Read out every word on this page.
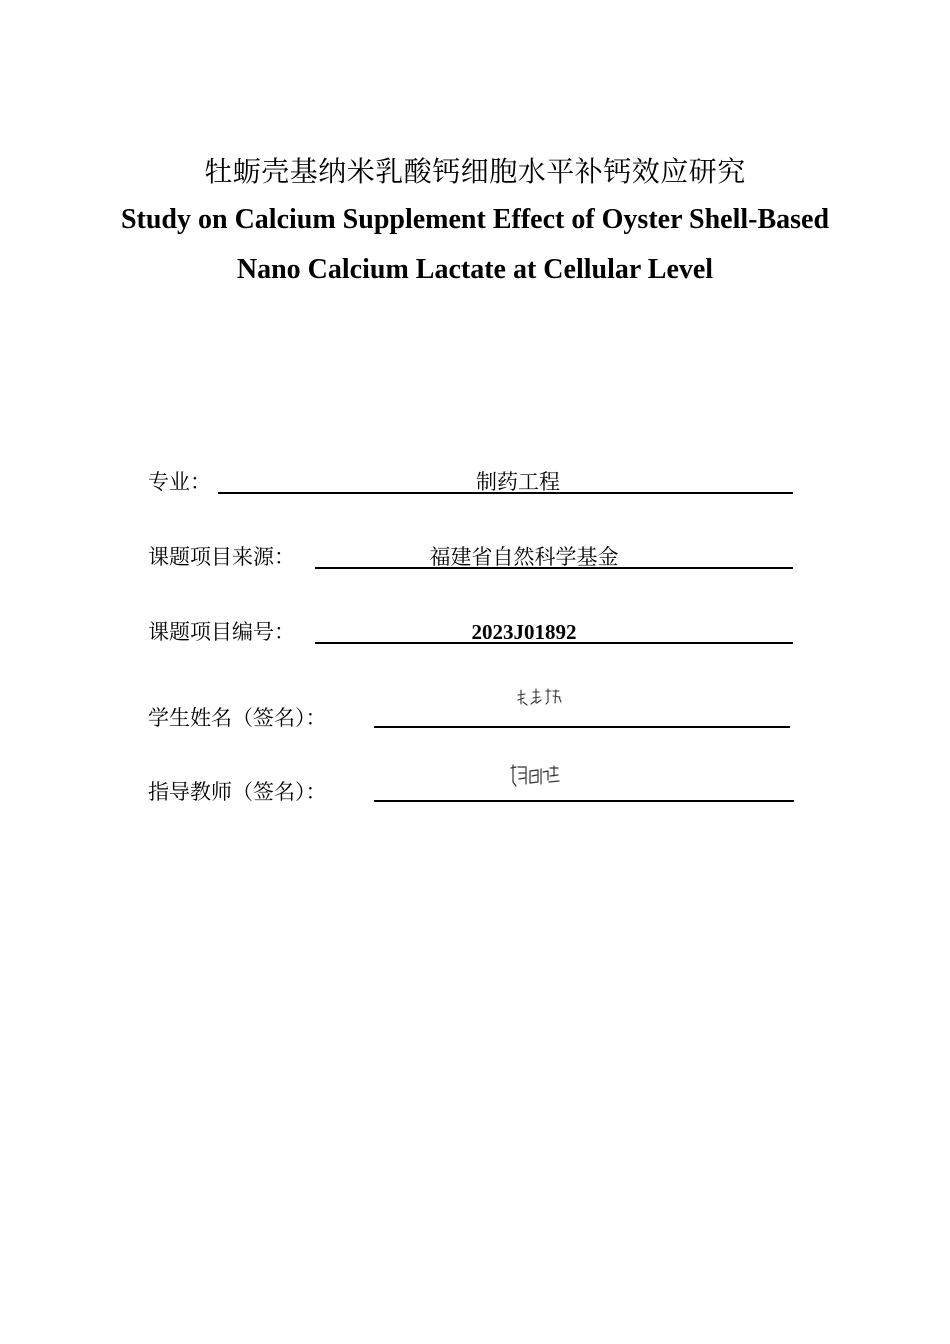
牡蛎壳基纳米乳酸钙细胞水平补钙效应研究
Study on Calcium Supplement Effect of Oyster Shell-Based
Nano Calcium Lactate at Cellular Level
专业：	制药工程
课题项目来源：	福建省自然科学基金
课题项目编号：	2023J01892
学生姓名（签名）：
指导教师（签名）：
